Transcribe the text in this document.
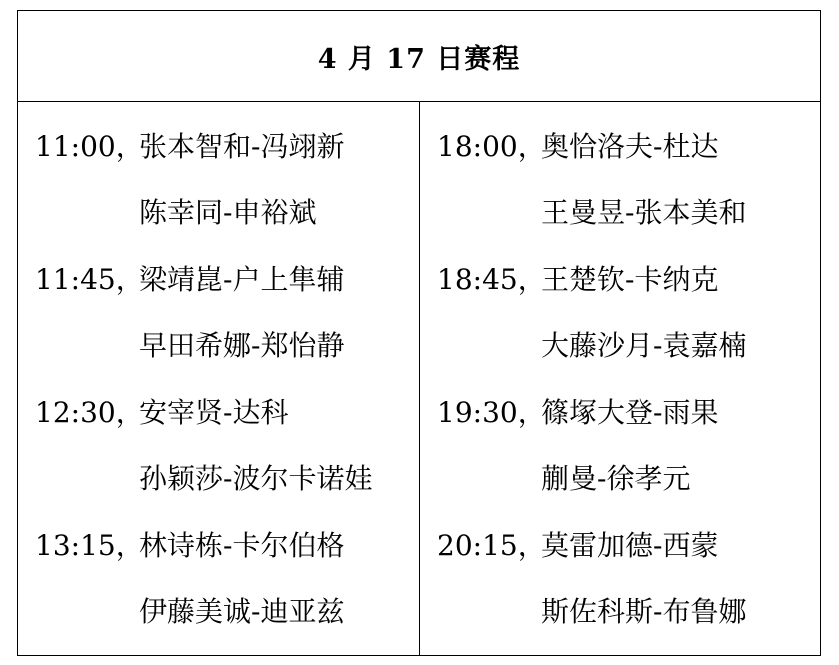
4 月 17 日赛程
11:00，
张本智和-冯翊新
陈幸同-申裕斌
11:45，
梁靖崑-户上隼辅
早田希娜-郑怡静
12:30，
安宰贤-达科
孙颖莎-波尔卡诺娃
13:15，
林诗栋-卡尔伯格
伊藤美诚-迪亚兹
18:00，
奥恰洛夫-杜达
王曼昱-张本美和
18:45，
王楚钦-卡纳克
大藤沙月-袁嘉楠
19:30，
篠塚大登-雨果
蒯曼-徐孝元
20:15，
莫雷加德-西蒙
斯佐科斯-布鲁娜
